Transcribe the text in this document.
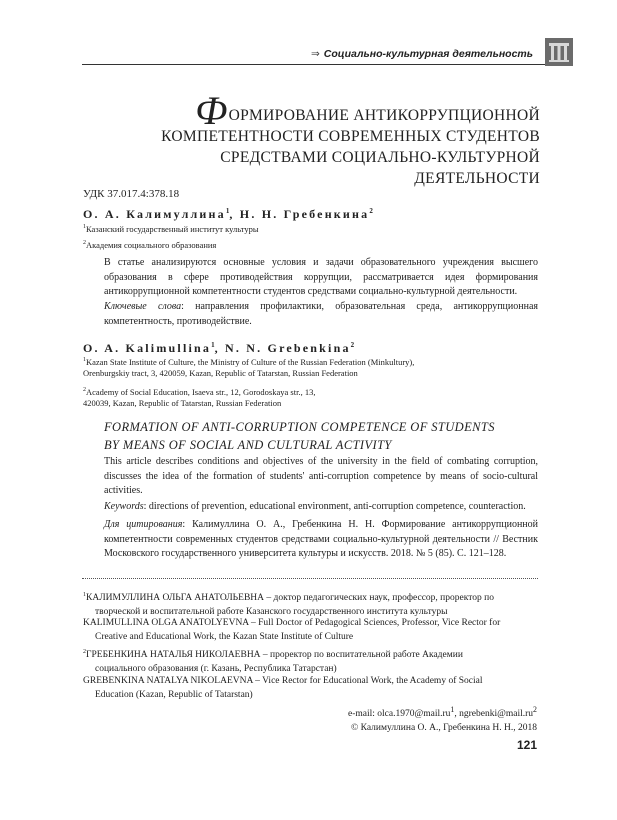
⇒ Социально-культурная деятельность
ФОРМИРОВАНИЕ АНТИКОРРУПЦИОННОЙ
КОМПЕТЕНТНОСТИ СОВРЕМЕННЫХ СТУДЕНТОВ
СРЕДСТВАМИ СОЦИАЛЬНО-КУЛЬТУРНОЙ ДЕЯТЕЛЬНОСТИ
УДК 37.017.4:378.18
О. А. Калимуллина$^1$, Н. Н. Гребенкина$^2$
$^1$Казанский государственный институт культуры
$^2$Академия социального образования
В статье анализируются основные условия и задачи образовательного учреждения высшего образования в сфере противодействия коррупции, рассматривается идея формирования антикоррупционной компетентности студентов средствами социально-культурной деятельности.
Ключевые слова: направления профилактики, образовательная среда, антикоррупционная компетентность, противодействие.
O. A. Kalimullina$^1$, N. N. Grebenkina$^2$
$^1$Kazan State Institute of Culture, the Ministry of Culture of the Russian Federation (Minkultury),
Orenburgskiy tract, 3, 420059, Kazan, Republic of Tatarstan, Russian Federation
$^2$Academy of Social Education, Isaeva str., 12, Gorodoskaya str., 13,
420039, Kazan, Republic of Tatarstan, Russian Federation
FORMATION OF ANTI-CORRUPTION COMPETENCE OF STUDENTS
BY MEANS OF SOCIAL AND CULTURAL ACTIVITY
This article describes conditions and objectives of the university in the field of combating corruption, discusses the idea of the formation of students' anti-corruption competence by means of socio-cultural activities.
Keywords: directions of prevention, educational environment, anti-corruption competence, counteraction.
Для цитирования: Калимуллина О. А., Гребенкина Н. Н. Формирование антикоррупционной компетентности современных студентов средствами социально-культурной деятельности // Вестник Московского государственного университета культуры и искусств. 2018. № 5 (85). С. 121–128.
$^1$КАЛИМУЛЛИНА ОЛЬГА АНАТОЛЬЕВНА – доктор педагогических наук, профессор, проректор по
творческой и воспитательной работе Казанского государственного института культуры
KALIMULLINA OLGA ANATOLYEVNA – Full Doctor of Pedagogical Sciences, Professor, Vice Rector for
Creative and Educational Work, the Kazan State Institute of Culture
$^2$ГРЕБЕНКИНА НАТАЛЬЯ НИКОЛАЕВНА – проректор по воспитательной работе Академии
социального образования (г. Казань, Республика Татарстан)
GREBENKINA NATALYA NIKOLAEVNA – Vice Rector for Educational Work, the Academy of Social
Education (Kazan, Republic of Tatarstan)
e-mail: $olca.1970@mail.ru^1$, $ngrebenki@mail.ru^2$
© Калимуллина О. А., Гребенкина Н. Н., 2018
121
